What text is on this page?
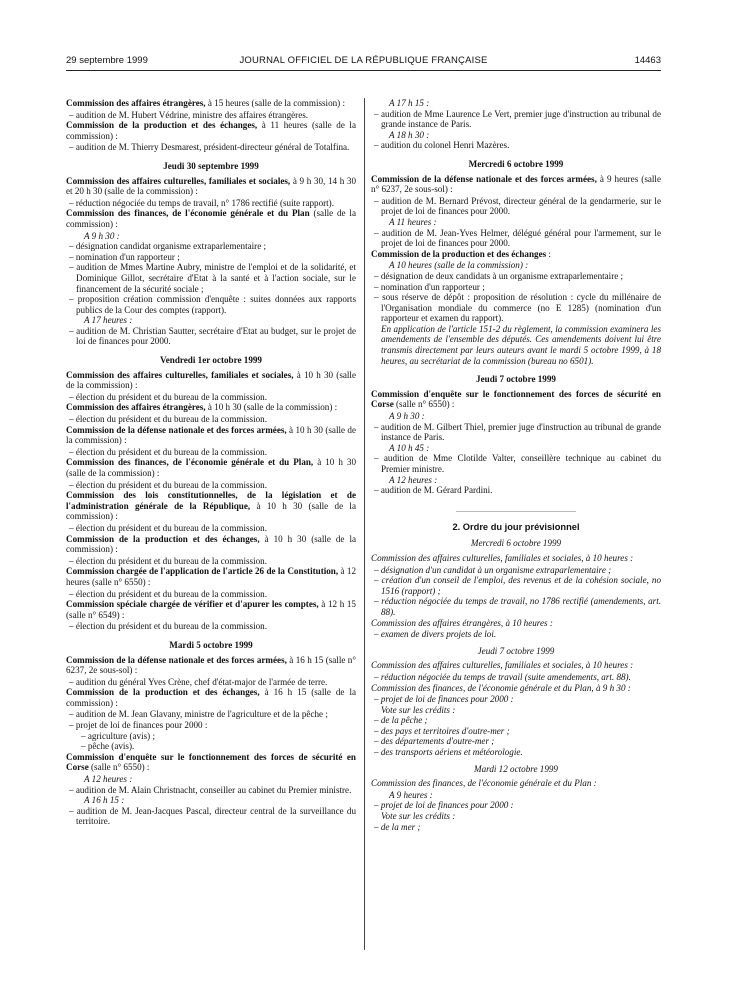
29 septembre 1999	JOURNAL OFFICIEL DE LA RÉPUBLIQUE FRANÇAISE	14463
Commission des affaires étrangères, à 15 heures (salle de la commission) :
– audition de M. Hubert Védrine, ministre des affaires étrangères.
Commission de la production et des échanges, à 11 heures (salle de la commission) :
– audition de M. Thierry Desmarest, président-directeur général de Totalfina.
Jeudi 30 septembre 1999
Commission des affaires culturelles, familiales et sociales, à 9 h 30, 14 h 30 et 20 h 30 (salle de la commission) :
– réduction négociée du temps de travail, n° 1786 rectifié (suite rapport).
Commission des finances, de l'économie générale et du Plan (salle de la commission) :
A 9 h 30 :
– désignation candidat organisme extraparlementaire ;
– nomination d'un rapporteur ;
– audition de Mmes Martine Aubry, ministre de l'emploi et de la solidarité, et Dominique Gillot, secrétaire d'Etat à la santé et à l'action sociale, sur le financement de la sécurité sociale ;
– proposition création commission d'enquête : suites données aux rapports publics de la Cour des comptes (rapport).
A 17 heures :
– audition de M. Christian Sautter, secrétaire d'Etat au budget, sur le projet de loi de finances pour 2000.
Vendredi 1er octobre 1999
Commission des affaires culturelles, familiales et sociales, à 10 h 30 (salle de la commission) :
– élection du président et du bureau de la commission.
Commission des affaires étrangères, à 10 h 30 (salle de la commission) :
– élection du président et du bureau de la commission.
Commission de la défense nationale et des forces armées, à 10 h 30 (salle de la commission) :
– élection du président et du bureau de la commission.
Commission des finances, de l'économie générale et du Plan, à 10 h 30 (salle de la commission) :
– élection du président et du bureau de la commission.
Commission des lois constitutionnelles, de la législation et de l'administration générale de la République, à 10 h 30 (salle de la commission) :
– élection du président et du bureau de la commission.
Commission de la production et des échanges, à 10 h 30 (salle de la commission) :
– élection du président et du bureau de la commission.
Commission chargée de l'application de l'article 26 de la Constitution, à 12 heures (salle n° 6550) :
– élection du président et du bureau de la commission.
Commission spéciale chargée de vérifier et d'apurer les comptes, à 12 h 15 (salle n° 6549) :
– élection du président et du bureau de la commission.
Mardi 5 octobre 1999
Commission de la défense nationale et des forces armées, à 16 h 15 (salle n° 6237, 2e sous-sol) :
– audition du général Yves Crène, chef d'état-major de l'armée de terre.
Commission de la production et des échanges, à 16 h 15 (salle de la commission) :
– audition de M. Jean Glavany, ministre de l'agriculture et de la pêche ;
– projet de loi de finances pour 2000 :
– agriculture (avis) ;
– pêche (avis).
Commission d'enquête sur le fonctionnement des forces de sécurité en Corse (salle n° 6550) :
A 12 heures :
– audition de M. Alain Christnacht, conseiller au cabinet du Premier ministre.
A 16 h 15 :
– audition de M. Jean-Jacques Pascal, directeur central de la surveillance du territoire.
A 17 h 15 :
– audition de Mme Laurence Le Vert, premier juge d'instruction au tribunal de grande instance de Paris.
A 18 h 30 :
– audition du colonel Henri Mazères.
Mercredi 6 octobre 1999
Commission de la défense nationale et des forces armées, à 9 heures (salle n° 6237, 2e sous-sol) :
– audition de M. Bernard Prévost, directeur général de la gendarmerie, sur le projet de loi de finances pour 2000.
A 11 heures :
– audition de M. Jean-Yves Helmer, délégué général pour l'armement, sur le projet de loi de finances pour 2000.
Commission de la production et des échanges :
A 10 heures (salle de la commission) :
– désignation de deux candidats à un organisme extraparlementaire ;
– nomination d'un rapporteur ;
– sous réserve de dépôt : proposition de résolution : cycle du millénaire de l'Organisation mondiale du commerce (no E 1285) (nomination d'un rapporteur et examen du rapport).
En application de l'article 151-2 du règlement, la commission examinera les amendements de l'ensemble des députés. Ces amendements doivent lui être transmis directement par leurs auteurs avant le mardi 5 octobre 1999, à 18 heures, au secrétariat de la commission (bureau no 6501).
Jeudi 7 octobre 1999
Commission d'enquête sur le fonctionnement des forces de sécurité en Corse (salle n° 6550) :
A 9 h 30 :
– audition de M. Gilbert Thiel, premier juge d'instruction au tribunal de grande instance de Paris.
A 10 h 45 :
– audition de Mme Clotilde Valter, conseillère technique au cabinet du Premier ministre.
A 12 heures :
– audition de M. Gérard Pardini.
2. Ordre du jour prévisionnel
Mercredi 6 octobre 1999
Commission des affaires culturelles, familiales et sociales, à 10 heures :
– désignation d'un candidat à un organisme extraparlementaire ;
– création d'un conseil de l'emploi, des revenus et de la cohésion sociale, no 1516 (rapport) ;
– réduction négociée du temps de travail, no 1786 rectifié (amendements, art. 88).
Commission des affaires étrangères, à 10 heures :
– examen de divers projets de loi.
Jeudi 7 octobre 1999
Commission des affaires culturelles, familiales et sociales, à 10 heures :
– réduction négociée du temps de travail (suite amendements, art. 88).
Commission des finances, de l'économie générale et du Plan, à 9 h 30 :
– projet de loi de finances pour 2000 :
Vote sur les crédits :
– de la pêche ;
– des pays et territoires d'outre-mer ;
– des départements d'outre-mer ;
– des transports aériens et météorologie.
Mardi 12 octobre 1999
Commission des finances, de l'économie générale et du Plan :
A 9 heures :
– projet de loi de finances pour 2000 :
Vote sur les crédits :
– de la mer ;
